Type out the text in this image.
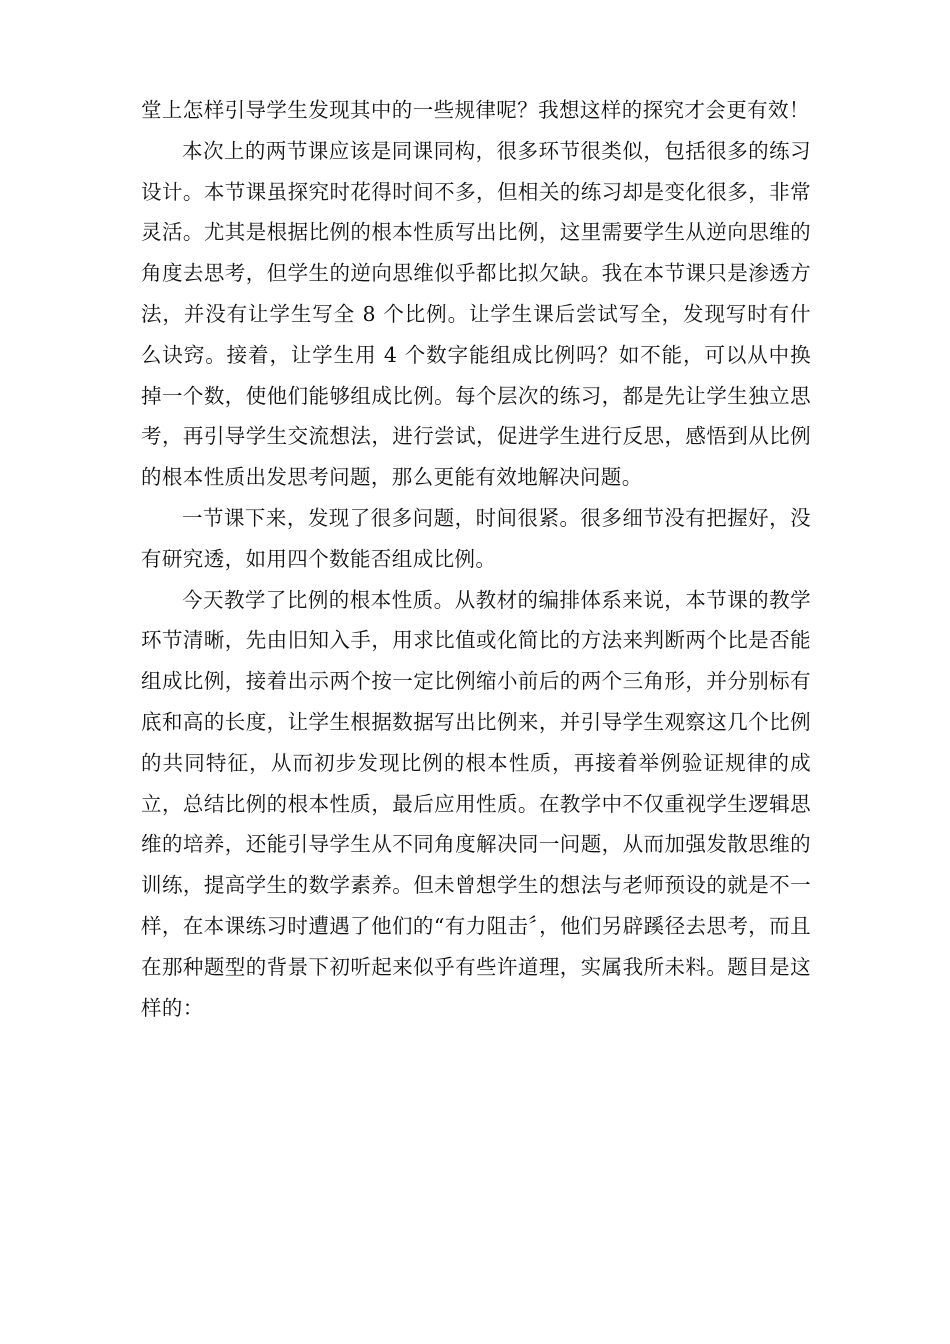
堂上怎样引导学生发现其中的一些规律呢？我想这样的探究才会更有效！

本次上的两节课应该是同课同构，很多环节很类似，包括很多的练习设计。本节课虽探究时花得时间不多，但相关的练习却是变化很多，非常灵活。尤其是根据比例的根本性质写出比例，这里需要学生从逆向思维的角度去思考，但学生的逆向思维似乎都比拟欠缺。我在本节课只是渗透方法，并没有让学生写全 8 个比例。让学生课后尝试写全，发现写时有什么诀窍。接着，让学生用 4 个数字能组成比例吗？如不能，可以从中换掉一个数，使他们能够组成比例。每个层次的练习，都是先让学生独立思考，再引导学生交流想法，进行尝试，促进学生进行反思，感悟到从比例的根本性质出发思考问题，那么更能有效地解决问题。

一节课下来，发现了很多问题，时间很紧。很多细节没有把握好，没有研究透，如用四个数能否组成比例。

今天教学了比例的根本性质。从教材的编排体系来说，本节课的教学环节清晰，先由旧知入手，用求比值或化简比的方法来判断两个比是否能组成比例，接着出示两个按一定比例缩小前后的两个三角形，并分别标有底和高的长度，让学生根据数据写出比例来，并引导学生观察这几个比例的共同特征，从而初步发现比例的根本性质，再接着举例验证规律的成立，总结比例的根本性质，最后应用性质。在教学中不仅重视学生逻辑思维的培养，还能引导学生从不同角度解决同一问题，从而加强发散思维的训练，提高学生的数学素养。但未曾想学生的想法与老师预设的就是不一样，在本课练习时遭遇了他们的“有力阻击〞，他们另辟蹊径去思考，而且在那种题型的背景下初听起来似乎有些许道理，实属我所未料。题目是这样的：
